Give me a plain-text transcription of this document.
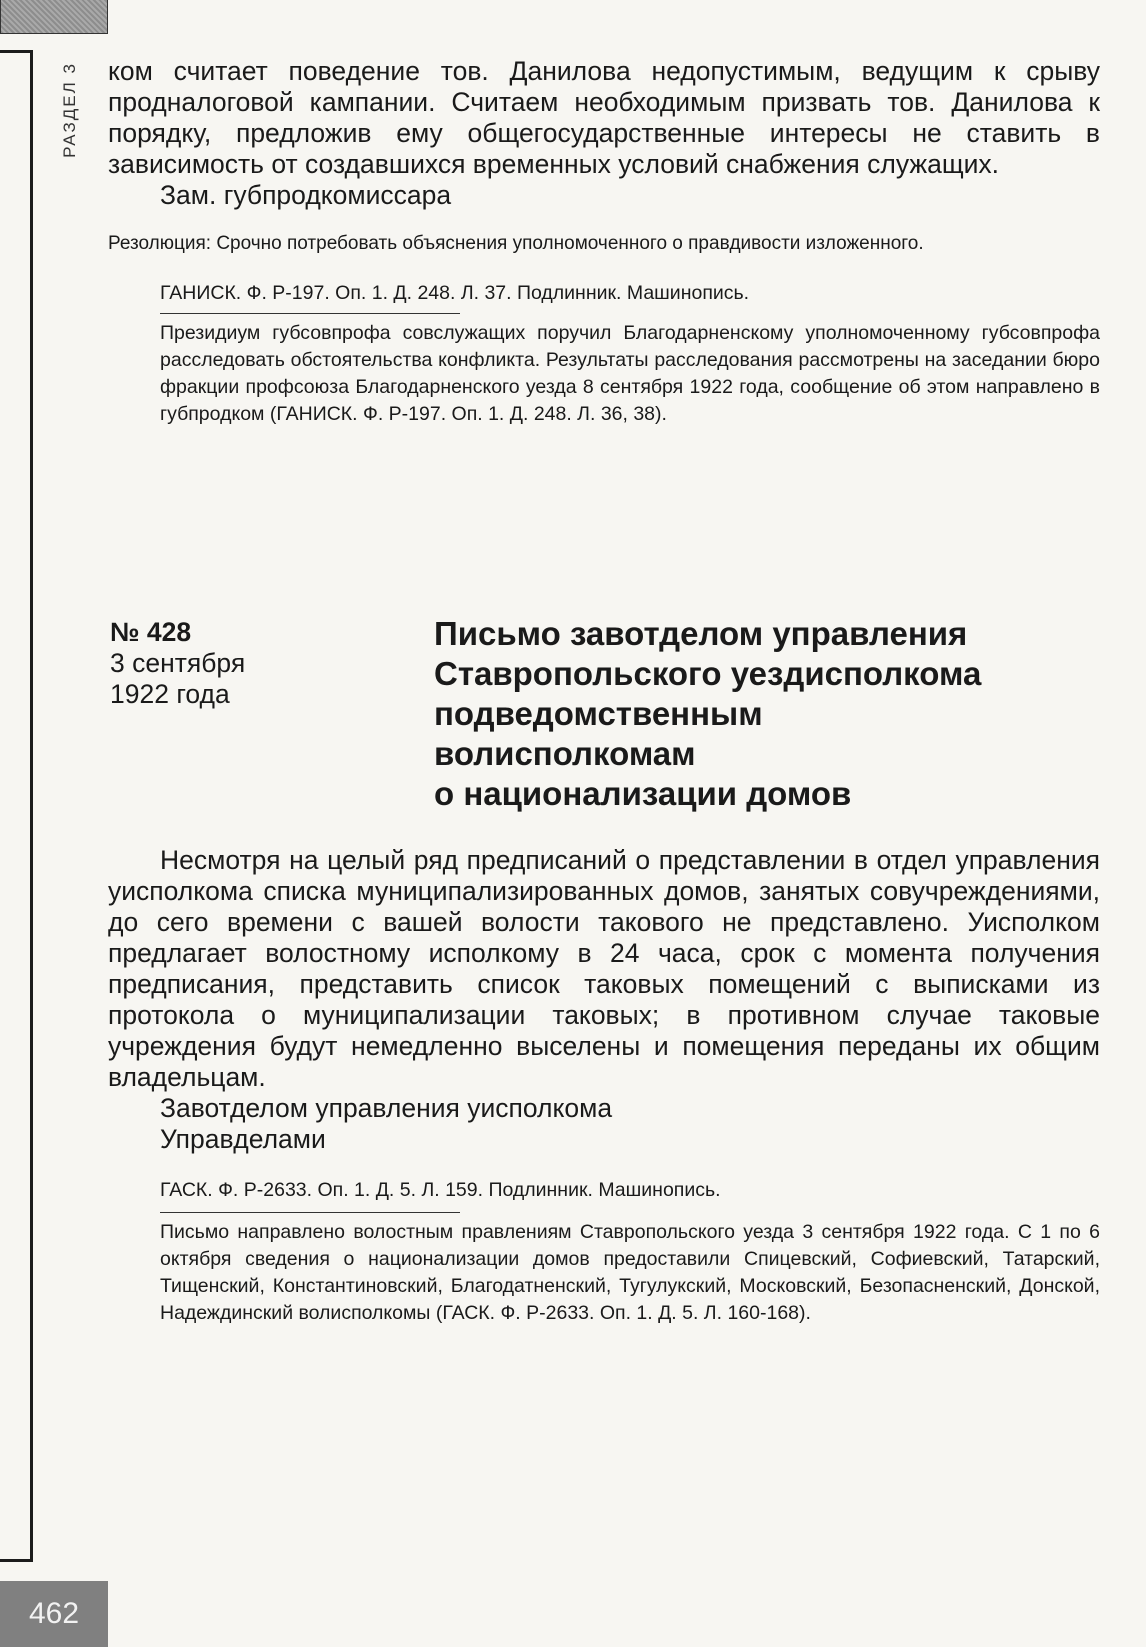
РАЗДЕЛ 3 ком считает поведение тов. Данилова недопустимым, ведущим к срыву продналоговой кампании. Считаем необходимым призвать тов. Данилова к порядку, предложив ему общегосударственные интересы не ставить в зависимость от создавшихся временных условий снабжения служащих.

Зам. губпродкомиссара
Резолюция: Срочно потребовать объяснения уполномоченного о правдивости изложенного.
ГАНИСК. Ф. Р-197. Оп. 1. Д. 248. Л. 37. Подлинник. Машинопись.
Президиум губсовпрофа совслужащих поручил Благодарненскому уполномоченному губсовпрофа расследовать обстоятельства конфликта. Результаты расследования рассмотрены на заседании бюро фракции профсоюза Благодарненского уезда 8 сентября 1922 года, сообщение об этом направлено в губпродком (ГАНИСК. Ф. Р-197. Оп. 1. Д. 248. Л. 36, 38).
№ 428
3 сентября
1922 года
Письмо завотделом управления
Ставропольского уездисполкома
подведомственным
волисполкомам
о национализации домов

Несмотря на целый ряд предписаний о представлении в отдел управления уисполкома списка муниципализированных домов, занятых совучреждениями, до сего времени с вашей волости такового не представлено. Уисполком предлагает волостному исполкому в 24 часа, срок с момента получения предписания, представить список таковых помещений с выписками из протокола о муниципализации таковых; в противном случае таковые учреждения будут немедленно выселены и помещения переданы их общим владельцам.

Завотделом управления уисполкома
Управделами
ГАСК. Ф. Р-2633. Оп. 1. Д. 5. Л. 159. Подлинник. Машинопись.
Письмо направлено волостным правлениям Ставропольского уезда 3 сентября 1922 года. С 1 по 6 октября сведения о национализации домов предоставили Спицевский, Софиевский, Татарский, Тищенский, Константиновский, Благодатненский, Тугулукский, Московский, Безопасненский, Донской, Надеждинский волисполкомы (ГАСК. Ф. Р-2633. Оп. 1. Д. 5. Л. 160-168).
462
